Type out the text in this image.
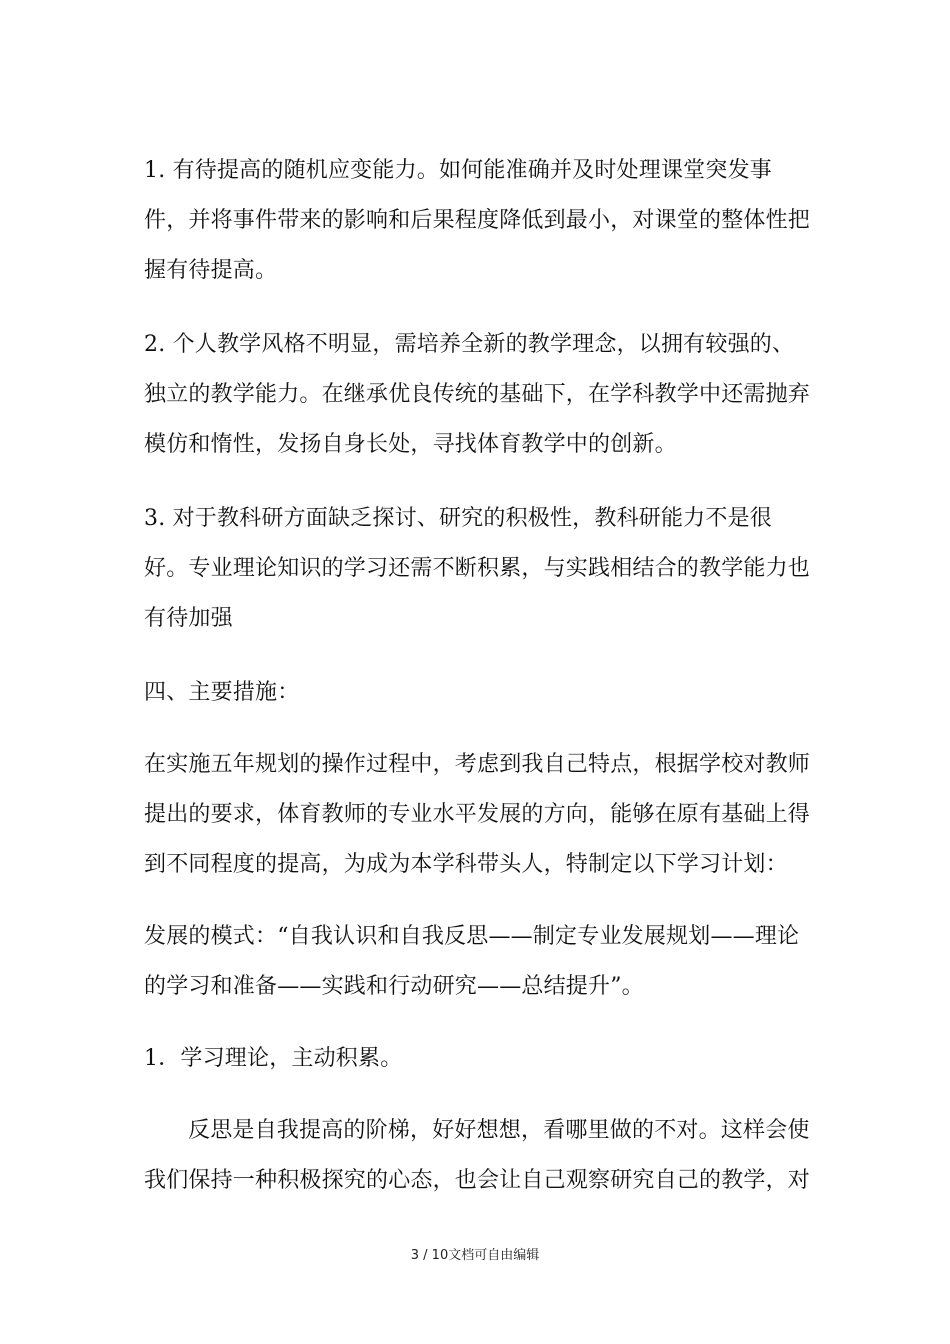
1. 有待提高的随机应变能力。如何能准确并及时处理课堂突发事件，并将事件带来的影响和后果程度降低到最小，对课堂的整体性把握有待提高。

2. 个人教学风格不明显，需培养全新的教学理念，以拥有较强的、独立的教学能力。在继承优良传统的基础下，在学科教学中还需抛弃模仿和惰性，发扬自身长处，寻找体育教学中的创新。

3. 对于教科研方面缺乏探讨、研究的积极性，教科研能力不是很好。专业理论知识的学习还需不断积累，与实践相结合的教学能力也有待加强

四、主要措施：

在实施五年规划的操作过程中，考虑到我自己特点，根据学校对教师提出的要求，体育教师的专业水平发展的方向，能够在原有基础上得到不同程度的提高，为成为本学科带头人，特制定以下学习计划：

发展的模式：“自我认识和自我反思——制定专业发展规划——理论的学习和准备——实践和行动研究——总结提升”。

1．学习理论，主动积累。

反思是自我提高的阶梯，好好想想，看哪里做的不对。这样会使我们保持一种积极探究的心态，也会让自己观察研究自己的教学，对

3 / 10文档可自由编辑
